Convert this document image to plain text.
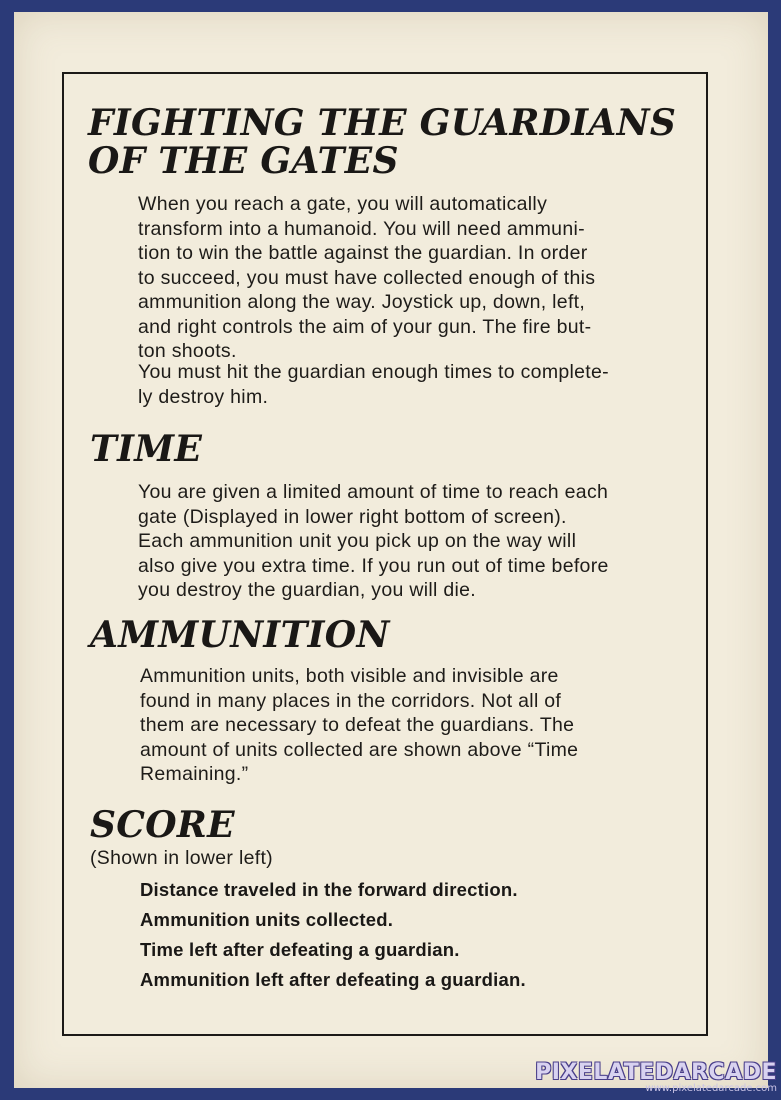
FIGHTING THE GUARDIANS
OF THE GATES
When you reach a gate, you will automatically
transform into a humanoid. You will need ammuni-
tion to win the battle against the guardian. In order
to succeed, you must have collected enough of this
ammunition along the way. Joystick up, down, left,
and right controls the aim of your gun. The fire but-
ton shoots.
You must hit the guardian enough times to complete-
ly destroy him.
TIME
You are given a limited amount of time to reach each
gate (Displayed in lower right bottom of screen).
Each ammunition unit you pick up on the way will
also give you extra time. If you run out of time before
you destroy the guardian, you will die.
AMMUNITION
Ammunition units, both visible and invisible are
found in many places in the corridors. Not all of
them are necessary to defeat the guardians. The
amount of units collected are shown above “Time
Remaining.”
SCORE
(Shown in lower left)
Distance traveled in the forward direction.
Ammunition units collected.
Time left after defeating a guardian.
Ammunition left after defeating a guardian.
PIXELATEDARCADE
www.pixelatedarcade.com
